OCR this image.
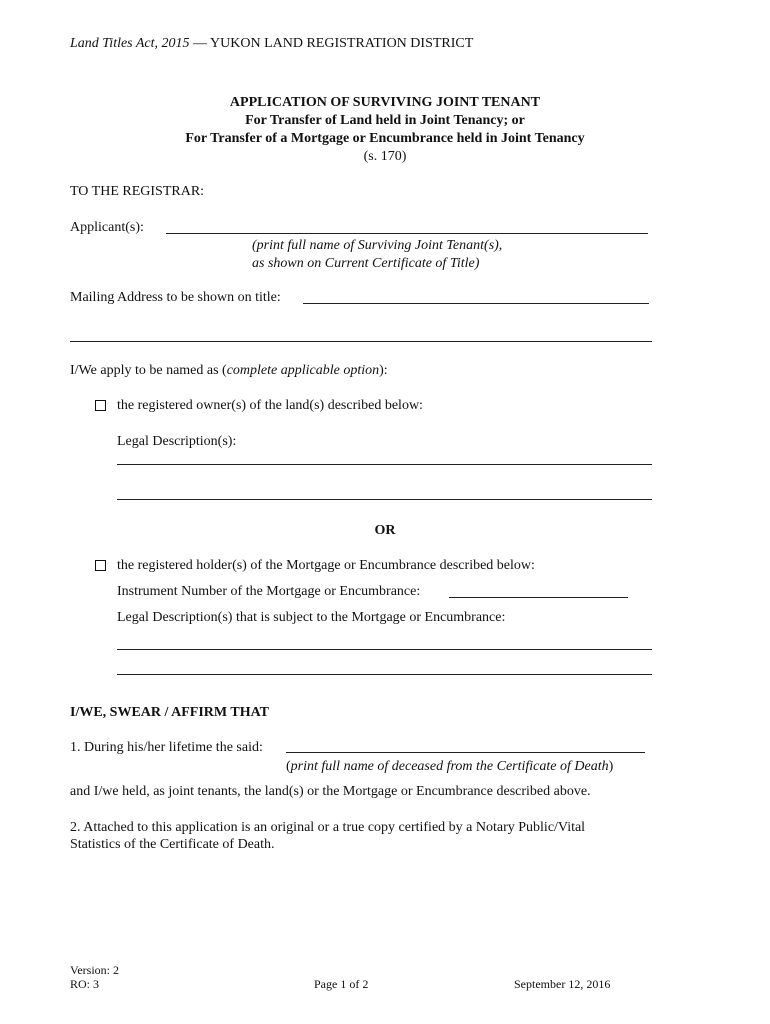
Land Titles Act, 2015 — YUKON LAND REGISTRATION DISTRICT
APPLICATION OF SURVIVING JOINT TENANT
For Transfer of Land held in Joint Tenancy; or
For Transfer of a Mortgage or Encumbrance held in Joint Tenancy
(s. 170)
TO THE REGISTRAR:
Applicant(s):
(print full name of Surviving Joint Tenant(s),
as shown on Current Certificate of Title)
Mailing Address to be shown on title:
I/We apply to be named as (complete applicable option):
the registered owner(s) of the land(s) described below:
Legal Description(s):
OR
the registered holder(s) of the Mortgage or Encumbrance described below:
Instrument Number of the Mortgage or Encumbrance:
Legal Description(s) that is subject to the Mortgage or Encumbrance:
I/WE, SWEAR / AFFIRM THAT
1. During his/her lifetime the said:
(print full name of deceased from the Certificate of Death)
and I/we held, as joint tenants, the land(s) or the Mortgage or Encumbrance described above.
2. Attached to this application is an original or a true copy certified by a Notary Public/Vital
Statistics of the Certificate of Death.
Version: 2
RO: 3	Page 1 of 2	September 12, 2016
